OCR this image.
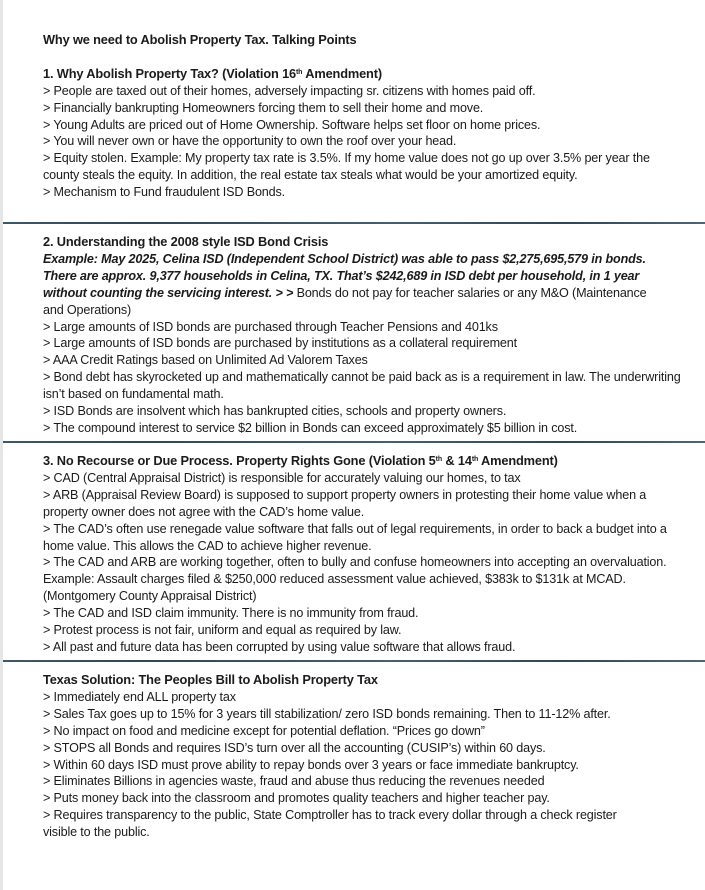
Why we need to Abolish Property Tax. Talking Points

1. Why Abolish Property Tax? (Violation 16th Amendment)

> People are taxed out of their homes, adversely impacting sr. citizens with homes paid off.

> Financially bankrupting Homeowners forcing them to sell their home and move.

> Young Adults are priced out of Home Ownership. Software helps set floor on home prices.

> You will never own or have the opportunity to own the roof over your head.

> Equity stolen. Example: My property tax rate is 3.5%. If my home value does not go up over 3.5% per year the county steals the equity. In addition, the real estate tax steals what would be your amortized equity.

> Mechanism to Fund fraudulent ISD Bonds.

2. Understanding the 2008 style ISD Bond Crisis

Example: May 2025, Celina ISD (Independent School District) was able to pass $2,275,695,579 in bonds. There are approx. 9,377 households in Celina, TX. That’s $242,689 in ISD debt per household, in 1 year without counting the servicing interest. > > Bonds do not pay for teacher salaries or any M&O (Maintenance and Operations)

> Large amounts of ISD bonds are purchased through Teacher Pensions and 401ks

> Large amounts of ISD bonds are purchased by institutions as a collateral requirement

> AAA Credit Ratings based on Unlimited Ad Valorem Taxes

> Bond debt has skyrocketed up and mathematically cannot be paid back as is a requirement in law. The underwriting isn’t based on fundamental math.

> ISD Bonds are insolvent which has bankrupted cities, schools and property owners.

> The compound interest to service $2 billion in Bonds can exceed approximately $5 billion in cost.

3. No Recourse or Due Process. Property Rights Gone (Violation 5th & 14th Amendment)

> CAD (Central Appraisal District) is responsible for accurately valuing our homes, to tax

> ARB (Appraisal Review Board) is supposed to support property owners in protesting their home value when a property owner does not agree with the CAD’s home value.

> The CAD’s often use renegade value software that falls out of legal requirements, in order to back a budget into a home value. This allows the CAD to achieve higher revenue.

> The CAD and ARB are working together, often to bully and confuse homeowners into accepting an overvaluation. Example: Assault charges filed & $250,000 reduced assessment value achieved, $383k to $131k at MCAD. (Montgomery County Appraisal District)

> The CAD and ISD claim immunity. There is no immunity from fraud.

> Protest process is not fair, uniform and equal as required by law.

> All past and future data has been corrupted by using value software that allows fraud.

Texas Solution: The Peoples Bill to Abolish Property Tax

> Immediately end ALL property tax

> Sales Tax goes up to 15% for 3 years till stabilization/ zero ISD bonds remaining. Then to 11-12% after.

> No impact on food and medicine except for potential deflation. “Prices go down”

> STOPS all Bonds and requires ISD’s turn over all the accounting (CUSIP’s) within 60 days.

> Within 60 days ISD must prove ability to repay bonds over 3 years or face immediate bankruptcy.

> Eliminates Billions in agencies waste, fraud and abuse thus reducing the revenues needed

> Puts money back into the classroom and promotes quality teachers and higher teacher pay.

> Requires transparency to the public, State Comptroller has to track every dollar through a check register visible to the public.
